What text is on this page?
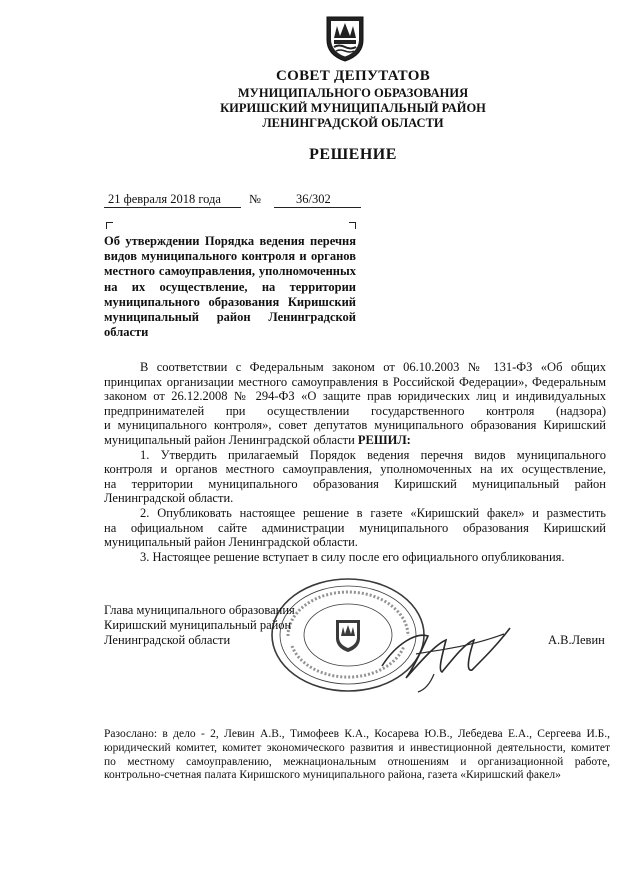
СОВЕТ ДЕПУТАТОВ
МУНИЦИПАЛЬНОГО ОБРАЗОВАНИЯ
КИРИШСКИЙ МУНИЦИПАЛЬНЫЙ РАЙОН
ЛЕНИНГРАДСКОЙ ОБЛАСТИ
РЕШЕНИЕ
21 февраля 2018 года №	36/302
Об утверждении Порядка ведения перечня
видов муниципального контроля и органов
местного самоуправления, уполномоченных
на их осуществление, на территории
муниципального образования Киришский
муниципальный район Ленинградской
области

В соответствии с Федеральным законом от 06.10.2003 № 131-ФЗ «Об общих
принципах организации местного самоуправления в Российской Федерации», Федеральным
законом от 26.12.2008 № 294-ФЗ «О защите прав юридических лиц и индивидуальных
предпринимателей при осуществлении государственного контроля (надзора)
и муниципального контроля», совет депутатов муниципального образования Киришский
муниципальный район Ленинградской области РЕШИЛ:

1. Утвердить прилагаемый Порядок ведения перечня видов муниципального
контроля и органов местного самоуправления, уполномоченных на их осуществление,
на территории муниципального образования Киришский муниципальный район
Ленинградской области.

2. Опубликовать настоящее решение в газете «Киришский факел» и разместить
на официальном сайте администрации муниципального образования Киришский
муниципальный район Ленинградской области.

3. Настоящее решение вступает в силу после его официального опубликования.

Глава муниципального образования
Киришский муниципальный район
Ленинградской области	А.В.Левин
Разослано: в дело - 2, Левин А.В., Тимофеев К.А., Косарева Ю.В., Лебедева Е.А., Сергеева И.Б.,
юридический комитет, комитет экономического развития и инвестиционной деятельности, комитет
по местному самоуправлению, межнациональным отношениям и организационной работе,
контрольно-счетная палата Киришского муниципального района, газета «Киришский факел»
